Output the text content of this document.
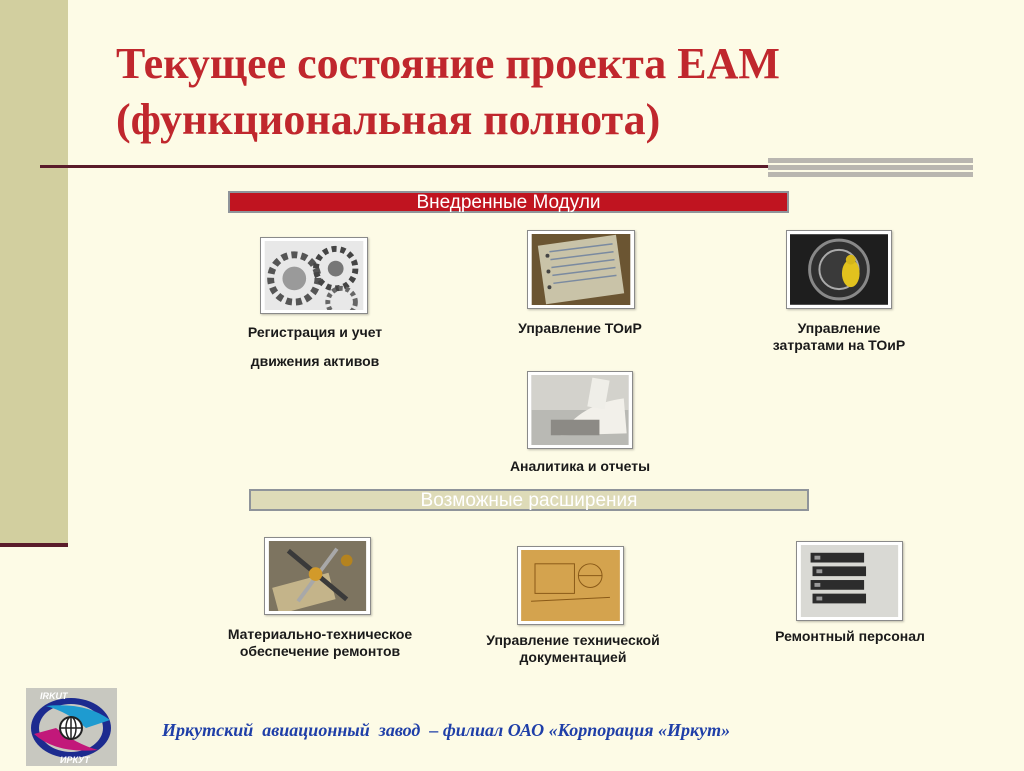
Текущее состояние проекта ЕАМ
(функциональная полнота)
Внедренные Модули
Регистрация и учет движения активов
Управление ТОиР	Управление затратами на ТОиР
Аналитика и отчеты
Возможные расширения
Материально-техническое обеспечение ремонтов
Управление технической документацией
Ремонтный персонал
IRKUT
ИРКУТ
Иркутский  авиационный  завод  – филиал ОАО «Корпорация «Иркут»
